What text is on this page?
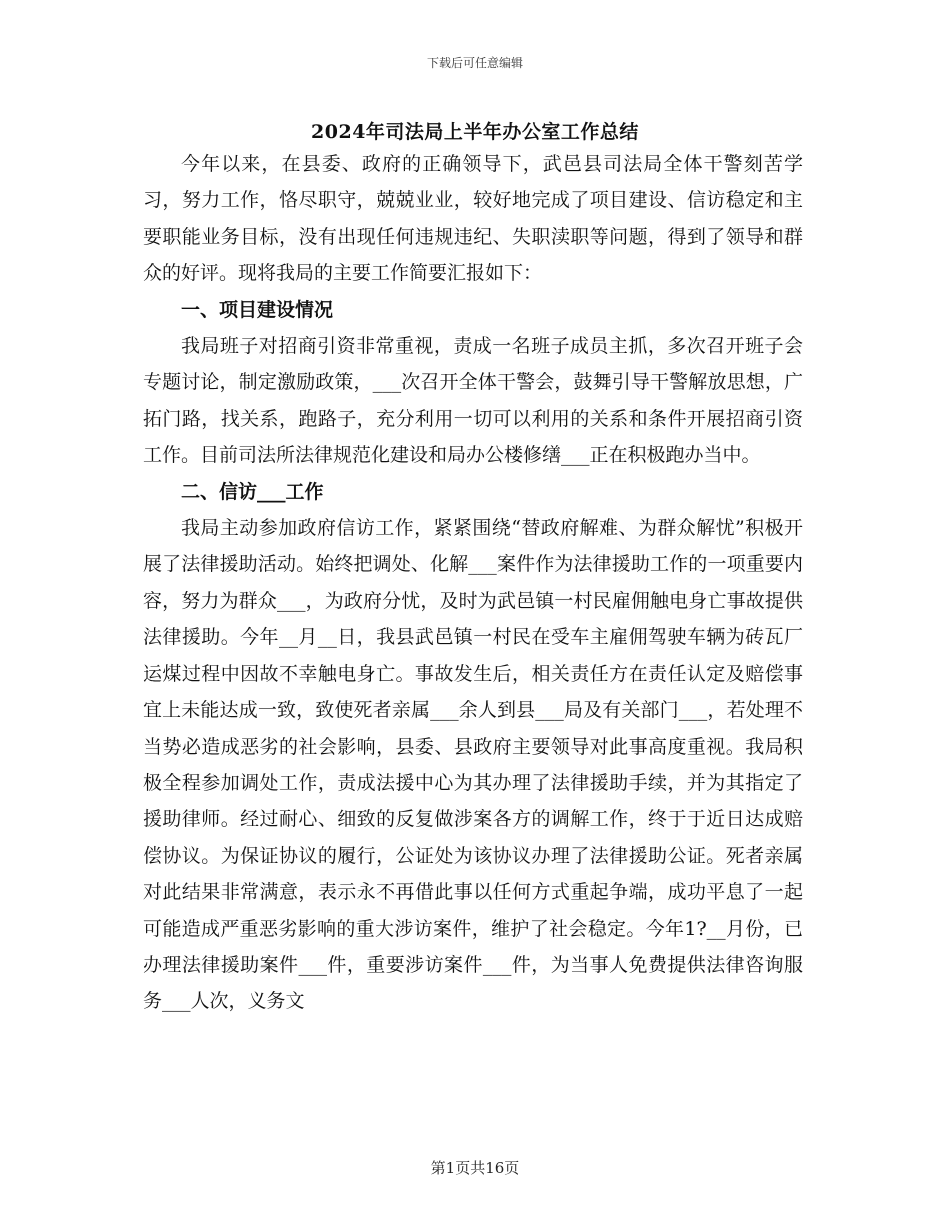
下载后可任意编辑
2024年司法局上半年办公室工作总结

今年以来，在县委、政府的正确领导下，武邑县司法局全体干警刻苦学习，努力工作，恪尽职守，兢兢业业，较好地完成了项目建设、信访稳定和主要职能业务目标，没有出现任何违规违纪、失职渎职等问题，得到了领导和群众的好评。现将我局的主要工作简要汇报如下：

一、项目建设情况

我局班子对招商引资非常重视，责成一名班子成员主抓，多次召开班子会专题讨论，制定激励政策，___次召开全体干警会，鼓舞引导干警解放思想，广拓门路，找关系，跑路子，充分利用一切可以利用的关系和条件开展招商引资工作。目前司法所法律规范化建设和局办公楼修缮___正在积极跑办当中。

二、信访___工作

我局主动参加政府信访工作，紧紧围绕“替政府解难、为群众解忧”积极开展了法律援助活动。始终把调处、化解___案件作为法律援助工作的一项重要内容，努力为群众___，为政府分忧，及时为武邑镇一村民雇佣触电身亡事故提供法律援助。今年__月__日，我县武邑镇一村民在受车主雇佣驾驶车辆为砖瓦厂运煤过程中因故不幸触电身亡。事故发生后，相关责任方在责任认定及赔偿事宜上未能达成一致，致使死者亲属___余人到县___局及有关部门___，若处理不当势必造成恶劣的社会影响，县委、县政府主要领导对此事高度重视。我局积极全程参加调处工作，责成法援中心为其办理了法律援助手续，并为其指定了援助律师。经过耐心、细致的反复做涉案各方的调解工作，终于于近日达成赔偿协议。为保证协议的履行，公证处为该协议办理了法律援助公证。死者亲属对此结果非常满意，表示永不再借此事以任何方式重起争端，成功平息了一起可能造成严重恶劣影响的重大涉访案件，维护了社会稳定。今年1?__月份，已办理法律援助案件___件，重要涉访案件___件，为当事人免费提供法律咨询服务___人次，义务文

第1页共16页
